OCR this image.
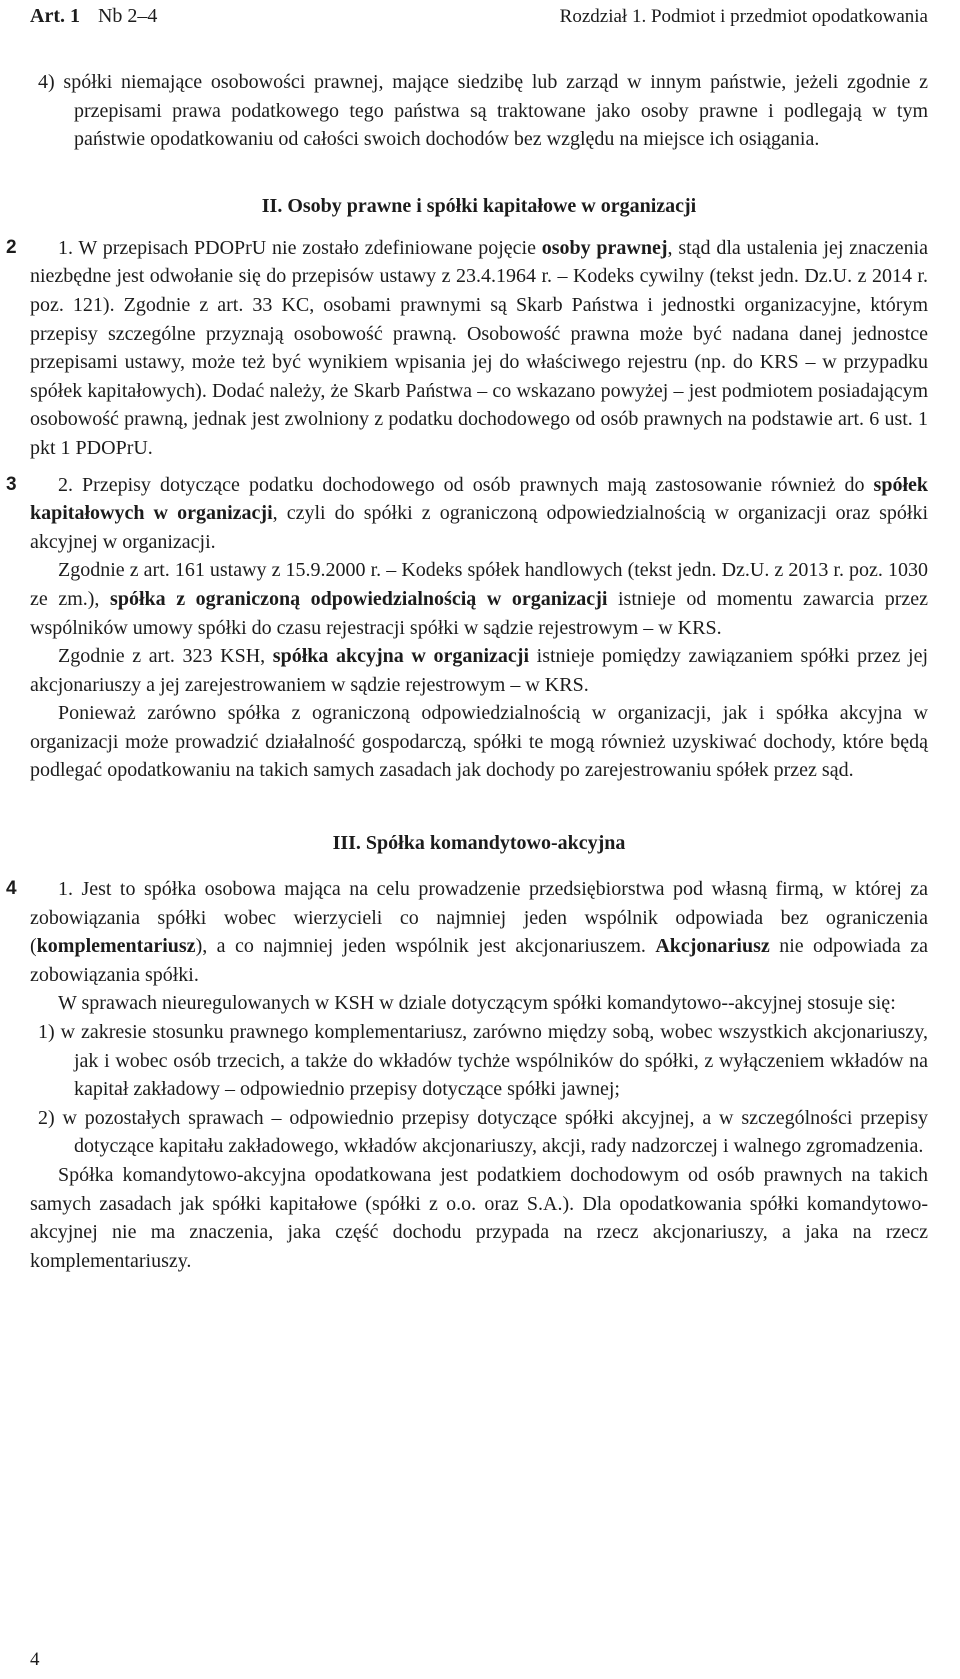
Art. 1 Nb 2–4	Rozdział 1. Podmiot i przedmiot opodatkowania
4) spółki niemające osobowości prawnej, mające siedzibę lub zarząd w innym państwie, jeżeli zgodnie z przepisami prawa podatkowego tego państwa są traktowane jako osoby prawne i podlegają w tym państwie opodatkowaniu od całości swoich dochodów bez względu na miejsce ich osiągania.
II. Osoby prawne i spółki kapitałowe w organizacji
2	1. W przepisach PDOPrU nie zostało zdefiniowane pojęcie osoby prawnej, stąd dla ustalenia jej znaczenia niezbędne jest odwołanie się do przepisów ustawy z 23.4.1964 r. – Kodeks cywilny (tekst jedn. Dz.U. z 2014 r. poz. 121). Zgodnie z art. 33 KC, osobami prawnymi są Skarb Państwa i jednostki organizacyjne, którym przepisy szczególne przyznają osobowość prawną. Osobowość prawna może być nadana danej jednostce przepisami ustawy, może też być wynikiem wpisania jej do właściwego rejestru (np. do KRS – w przypadku spółek kapitałowych). Dodać należy, że Skarb Państwa – co wskazano powyżej – jest podmiotem posiadającym osobowość prawną, jednak jest zwolniony z podatku dochodowego od osób prawnych na podstawie art. 6 ust. 1 pkt 1 PDOPrU.

3	2. Przepisy dotyczące podatku dochodowego od osób prawnych mają zastosowanie również do spółek kapitałowych w organizacji, czyli do spółki z ograniczoną odpowiedzialnością w organizacji oraz spółki akcyjnej w organizacji.

Zgodnie z art. 161 ustawy z 15.9.2000 r. – Kodeks spółek handlowych (tekst jedn. Dz.U. z 2013 r. poz. 1030 ze zm.), spółka z ograniczoną odpowiedzialnością w organizacji istnieje od momentu zawarcia przez wspólników umowy spółki do czasu rejestracji spółki w sądzie rejestrowym – w KRS.

Zgodnie z art. 323 KSH, spółka akcyjna w organizacji istnieje pomiędzy zawiązaniem spółki przez jej akcjonariuszy a jej zarejestrowaniem w sądzie rejestrowym – w KRS.

Ponieważ zarówno spółka z ograniczoną odpowiedzialnością w organizacji, jak i spółka akcyjna w organizacji może prowadzić działalność gospodarczą, spółki te mogą również uzyskiwać dochody, które będą podlegać opodatkowaniu na takich samych zasadach jak dochody po zarejestrowaniu spółek przez sąd.

III. Spółka komandytowo-akcyjna
4	1. Jest to spółka osobowa mająca na celu prowadzenie przedsiębiorstwa pod własną firmą, w której za zobowiązania spółki wobec wierzycieli co najmniej jeden wspólnik odpowiada bez ograniczenia (komplementariusz), a co najmniej jeden wspólnik jest akcjonariuszem. Akcjonariusz nie odpowiada za zobowiązania spółki.

W sprawach nieuregulowanych w KSH w dziale dotyczącym spółki komandytowo--akcyjnej stosuje się:

1) w zakresie stosunku prawnego komplementariusz, zarówno między sobą, wobec wszystkich akcjonariuszy, jak i wobec osób trzecich, a także do wkładów tychże wspólników do spółki, z wyłączeniem wkładów na kapitał zakładowy – odpowiednio przepisy dotyczące spółki jawnej;
2) w pozostałych sprawach – odpowiednio przepisy dotyczące spółki akcyjnej, a w szczególności przepisy dotyczące kapitału zakładowego, wkładów akcjonariuszy, akcji, rady nadzorczej i walnego zgromadzenia.

Spółka komandytowo-akcyjna opodatkowana jest podatkiem dochodowym od osób prawnych na takich samych zasadach jak spółki kapitałowe (spółki z o.o. oraz S.A.). Dla opodatkowania spółki komandytowo-akcyjnej nie ma znaczenia, jaka część dochodu przypada na rzecz akcjonariuszy, a jaka na rzecz komplementariuszy.

4
